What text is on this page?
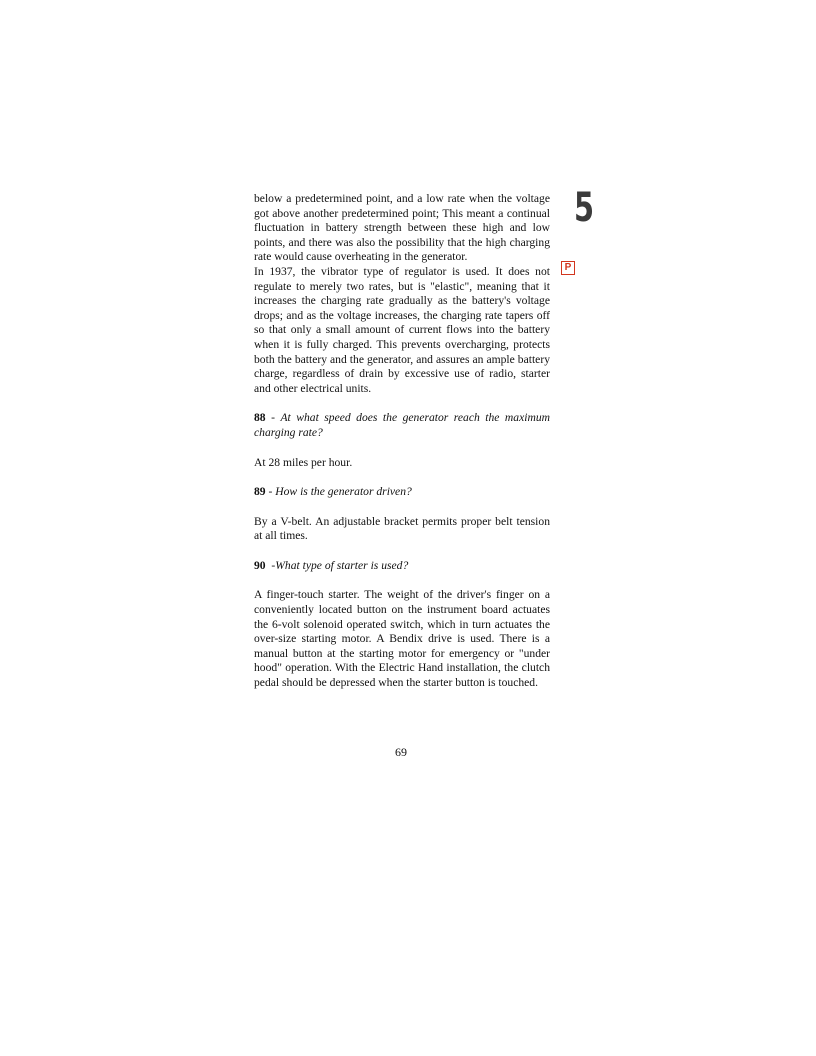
5
P

below a predetermined point, and a low rate when the voltage got above another predetermined point; This meant a continual fluctuation in battery strength between these high and low points, and there was also the possibility that the high charging rate would cause overheating in the generator.

In 1937, the vibrator type of regulator is used. It does not regulate to merely two rates, but is "elastic", meaning that it increases the charging rate gradually as the battery's voltage drops; and as the voltage increases, the charging rate tapers off so that only a small amount of current flows into the battery when it is fully charged. This prevents overcharging, protects both the battery and the generator, and assures an ample battery charge, regardless of drain by excessive use of radio, starter and other electrical units.

88 - At what speed does the generator reach the maximum charging rate?

At 28 miles per hour.

89 - How is the generator driven?

By a V-belt. An adjustable bracket permits proper belt tension at all times.

90  -What type of starter is used?

A finger-touch starter. The weight of the driver's finger on a conveniently located button on the instrument board actuates the 6-volt solenoid operated switch, which in turn actuates the over-size starting motor. A Bendix drive is used. There is a manual button at the starting motor for emergency or "under hood" operation. With the Electric Hand installation, the clutch pedal should be depressed when the starter button is touched.

69
